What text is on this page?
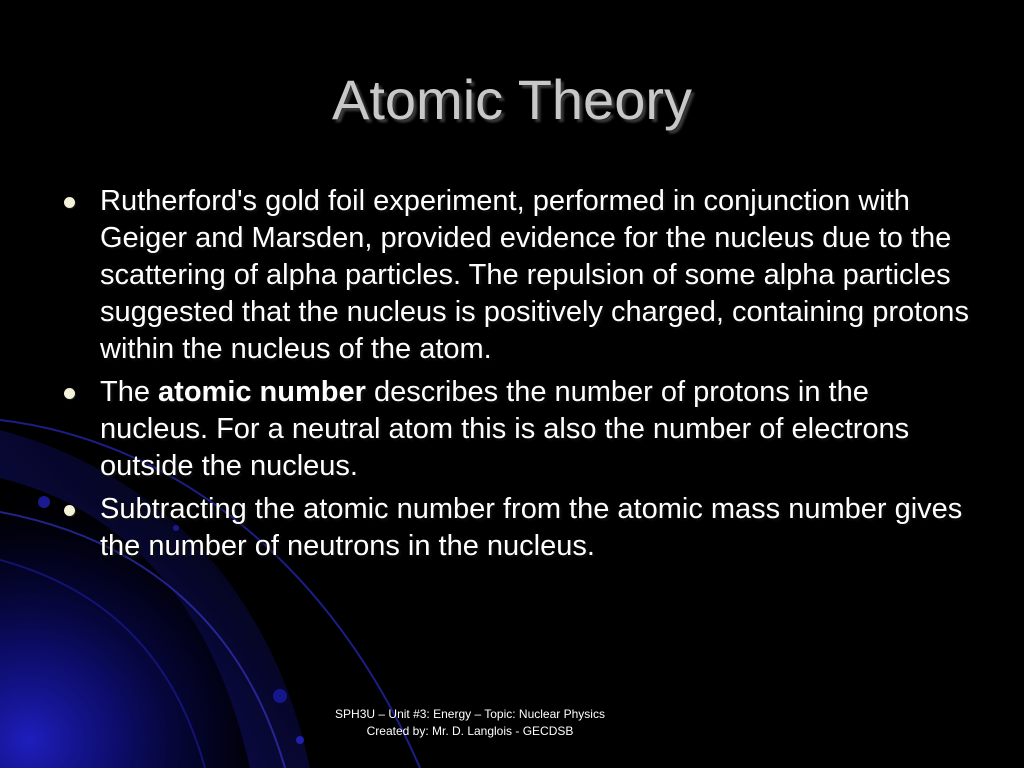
Atomic Theory
Rutherford's gold foil experiment, performed in conjunction with Geiger and Marsden, provided evidence for the nucleus due to the scattering of alpha particles. The repulsion of some alpha particles suggested that the nucleus is positively charged, containing protons within the nucleus of the atom.
The atomic number describes the number of protons in the nucleus. For a neutral atom this is also the number of electrons outside the nucleus.
Subtracting the atomic number from the atomic mass number gives the number of neutrons in the nucleus.
SPH3U – Unit #3: Energy – Topic: Nuclear Physics
Created by: Mr. D. Langlois - GECDSB
